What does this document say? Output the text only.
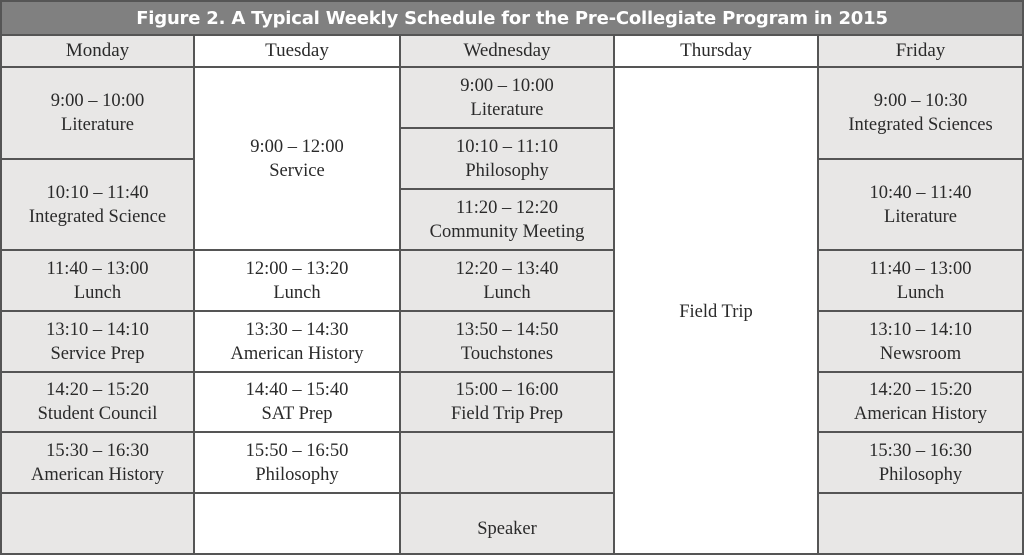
Figure 2. A Typical Weekly Schedule for the Pre-Collegiate Program in 2015
Monday
9:00 – 10:00
Literature
10:10 – 11:40
Integrated Science
11:40 – 13:00
Lunch
13:10 – 14:10
Service Prep
14:20 – 15:20
Student Council
15:30 – 16:30
American History
Tuesday
9:00 – 12:00
Service
12:00 – 13:20
Lunch
13:30 – 14:30
American History
14:40 – 15:40
SAT Prep
15:50 – 16:50
Philosophy
Wednesday
9:00 – 10:00
Literature
10:10 – 11:10
Philosophy
11:20 – 12:20
Community Meeting
12:20 – 13:40
Lunch
13:50 – 14:50
Touchstones
15:00 – 16:00
Field Trip Prep
Speaker
Thursday
Field Trip
Friday
9:00 – 10:30
Integrated Sciences
10:40 – 11:40
Literature
11:40 – 13:00
Lunch
13:10 – 14:10
Newsroom
14:20 – 15:20
American History
15:30 – 16:30
Philosophy
